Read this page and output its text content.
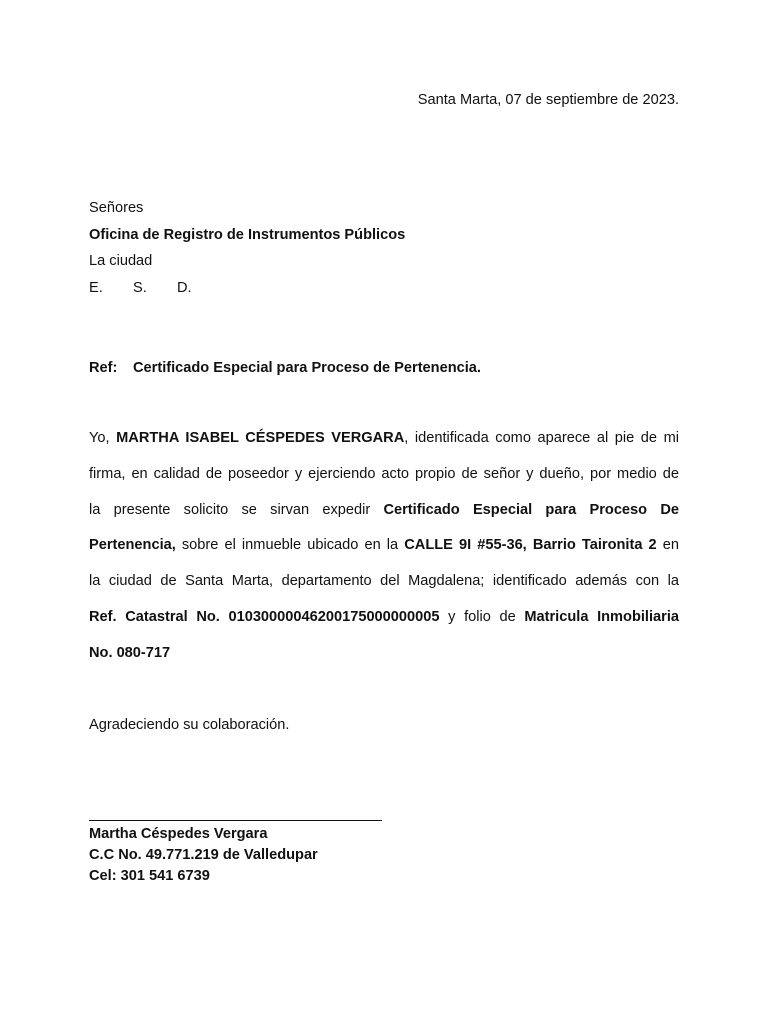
Santa Marta, 07 de septiembre de 2023.
Señores
Oficina de Registro de Instrumentos Públicos
La ciudad
E. S. D.
Ref: Certificado Especial para Proceso de Pertenencia.
Yo, MARTHA ISABEL CÉSPEDES VERGARA, identificada como aparece al pie de mi
firma, en calidad de poseedor y ejerciendo acto propio de señor y dueño, por medio de
la presente solicito se sirvan expedir Certificado Especial para Proceso De
Pertenencia, sobre el inmueble ubicado en la CALLE 9I #55-36, Barrio Taironita 2 en
la ciudad de Santa Marta, departamento del Magdalena; identificado además con la
Ref. Catastral No. 01030000046200175000000005 y folio de Matricula Inmobiliaria
No. 080-717
Agradeciendo su colaboración.
Martha Céspedes Vergara
C.C No. 49.771.219 de Valledupar
Cel: 301 541 6739
